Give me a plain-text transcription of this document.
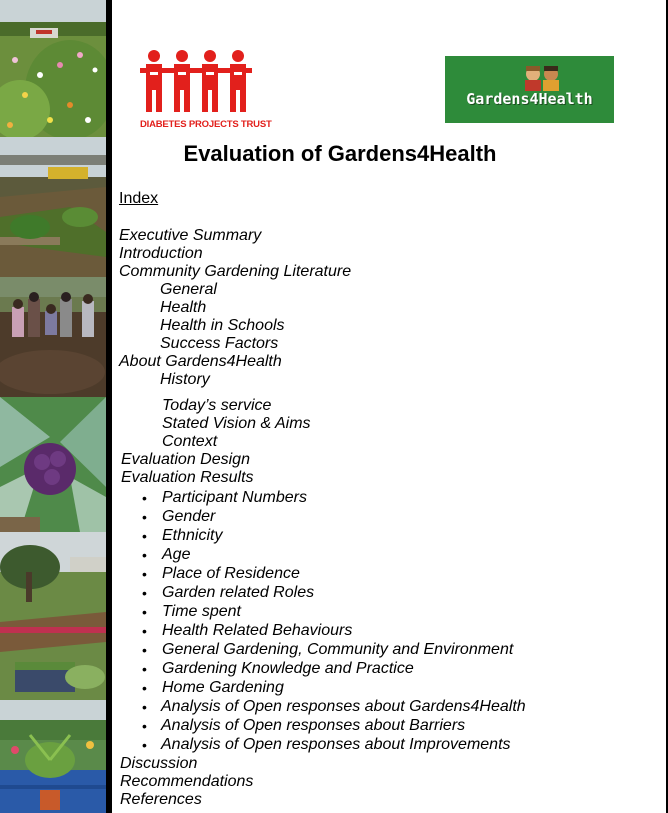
DIABETES PROJECTS TRUST
Gardens4Health
Evaluation of Gardens4Health
Index
Executive Summary
Introduction
Community Gardening Literature
General
Health
Health in Schools
Success Factors
About Gardens4Health
History
Today’s service
Stated Vision & Aims
Context
Evaluation Design
Evaluation Results
• Participant Numbers
• Gender
• Ethnicity
• Age
• Place of Residence
• Garden related Roles
• Time spent
• Health Related Behaviours
• General Gardening, Community and Environment
• Gardening Knowledge and Practice
• Home Gardening
• Analysis of Open responses about Gardens4Health
• Analysis of Open responses about Barriers
• Analysis of Open responses about Improvements
Discussion
Recommendations
References
